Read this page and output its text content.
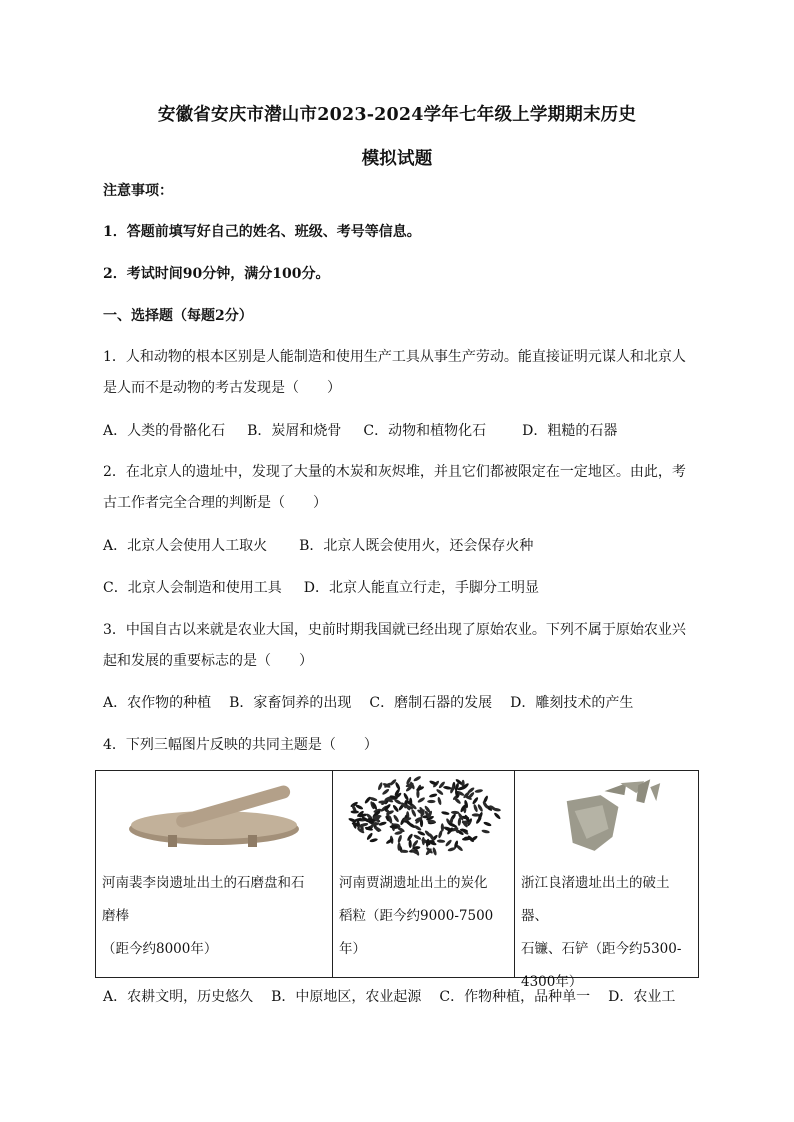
安徽省安庆市潜山市2023-2024学年七年级上学期期末历史
模拟试题
注意事项：
1．答题前填写好自己的姓名、班级、考号等信息。
2．考试时间90分钟，满分100分。
一、选择题（每题2分）
1．人和动物的根本区别是人能制造和使用生产工具从事生产劳动。能直接证明元谋人和北京人
是人而不是动物的考古发现是（　　）
A．人类的骨骼化石 B．炭屑和烧骨 C．动物和植物化石	D．粗糙的石器
2．在北京人的遗址中，发现了大量的木炭和灰烬堆，并且它们都被限定在一定地区。由此，考
古工作者完全合理的判断是（　　）
A．北京人会使用人工取火 B．北京人既会使用火，还会保存火种
C．北京人会制造和使用工具 D．北京人能直立行走，手脚分工明显
3．中国自古以来就是农业大国，史前时期我国就已经出现了原始农业。下列不属于原始农业兴
起和发展的重要标志的是（　　）
A．农作物的种植 B．家畜饲养的出现 C．磨制石器的发展 D．雕刻技术的产生
4．下列三幅图片反映的共同主题是（　　）
河南裴李岗遗址出土的石磨盘和石
磨棒
（距今约8000年）
河南贾湖遗址出土的炭化
稻粒（距今约9000-7500年）
浙江良渚遗址出土的破土器、
石镰、石铲（距今约5300-
4300年）
A．农耕文明，历史悠久 B．中原地区，农业起源 C．作物种植，品种单一 D．农业工
